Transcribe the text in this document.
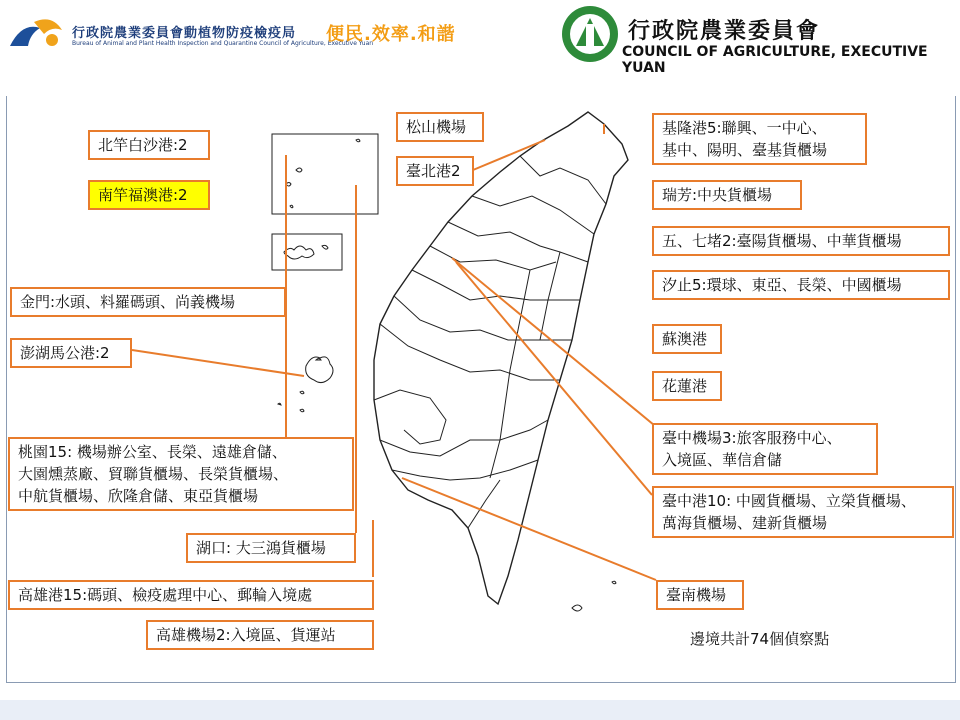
行政院農業委員會動植物防疫檢疫局
Bureau of Animal and Plant Health Inspection and Quarantine Council of Agriculture, Executive Yuan
便民.效率.和諧	行政院農業委員會
COUNCIL OF AGRICULTURE, EXECUTIVE YUAN
北竿白沙港:2
南竿福澳港:2
金門:水頭、料羅碼頭、尚義機場
澎湖馬公港:2
桃園15: 機場辦公室、長榮、遠雄倉儲、
大園燻蒸廠、貿聯貨櫃場、長榮貨櫃場、
中航貨櫃場、欣隆倉儲、東亞貨櫃場
湖口: 大三鴻貨櫃場
高雄港15:碼頭、檢疫處理中心、郵輪入境處
高雄機場2:入境區、貨運站
松山機場
臺北港2
基隆港5:聯興、一中心、
基中、陽明、臺基貨櫃場
瑞芳:中央貨櫃場
五、七堵2:臺陽貨櫃場、中華貨櫃場
汐止5:環球、東亞、長榮、中國櫃場
蘇澳港
花蓮港
臺中機場3:旅客服務中心、
入境區、華信倉儲
臺中港10: 中國貨櫃場、立榮貨櫃場、
萬海貨櫃場、建新貨櫃場
臺南機場
邊境共計74個偵察點
